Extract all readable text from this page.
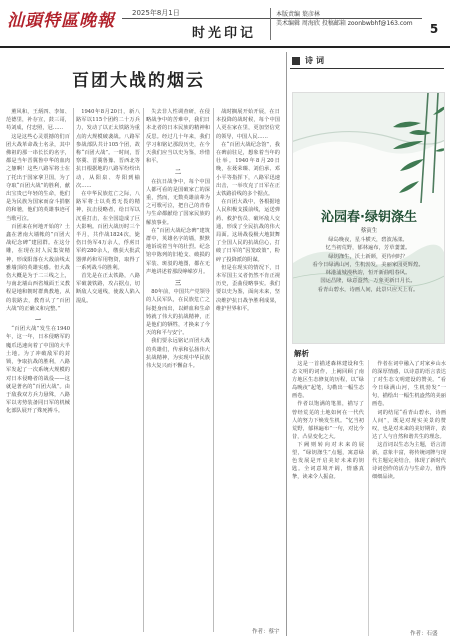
汕頭特區晚報 2025年8月1日
时光印记
本版责编 葉彦林
美术编辑 周海欣 投稿邮箱 zoonbwbhf@163.com	5
百团大战的烟云

薰风和，王炳四、李如、范德里，补存宣，鼓三哥，苟刘成，付忠照，冠……

这是这些心灵震撼的们百团大战革命战士名录，其中佛祖的那一串长长的名字，都是当年晋冀鲁中华的血肉之躯啊！这些八路军将士在了托出于国家拿卫国，为了夺取“百团大战”的胜利，献出宝贵已年轻的生命，他们是为民族为国家而奋斗捐躯的和驰，他们的英雄事迹可当歌可泣。

百团来在何地开始的？土鑫在著南大墙帐的”百团大战纪念碑“建园群。在这分雕，在现在封人民集资精神，形成阳落在大敌前线太雅墙顶的英雄实感。但大战伤大概是为于二三线之上，与南北墙山西省城面王义教程是地和朝时群典教地，从的装路去，教育认了”百团大战”的正确义和完整。”

一

“百团大战”发生在1940年，这一年，日本侵略军的魔爪迅速向着了中国的大半土地。为了冲破敌军的封锁，争取抗战的胜利，八路军发起了一次系统大规模的对日本侵略者的战役——这就是著名的“百团大战”。由于敌我双方兵力悬殊，八路军以劣势装备同日军的机械化部队展开了殊死搏斗。

1940年8月20日，新八路军以115个团约二十万兵力，发动了以正太铁路为重点的大规模破袭战。八路军参战部队共计105个团，故称“百团大战”。一时间，晋察冀、晋冀鲁豫、晋西北等抗日根据地的八路军纷纷出动，从阳泉、寿阳到榆次……

在中华民族危亡之际，八路军将士以英勇无畏的精神，抗击侵略者，给日军以沉重打击，在全国造成了巨大影响。百团大战历时三个半月，共作战1824次，毙伤日伪军4万余人，俘虏日军约280余人，缴获大批武器弹药和军用物资，取得了一系列战斗的胜利。

首先是在正太铁路，八路军破袭铁路，攻占据点，切断敌人交通线，使敌人陷入混乱。

失去非人性调查研，在侵略战争中的苦难中，我们日本北者的日本民族的精神和反思。经过几十年来，我们学习和铭记那段历史，在今天我们应当以史为鉴，珍惜和平。

二

在抗日战争中，每个中国人都可看的是国破家亡的深重，然而，无数英雄前辈为之可歌可泣，把自己的青春与生命都献给了国家民族的解放事业。

在“百团大战纪念碑”建筑群中，英雄名字的墙，默默地诉说着当年的壮烈。纪念馆中陈列的旧枪支、破损的军装、斑驳的地图，都在无声地讲述着那段峥嵘岁月。

三

80年前，中国共产党领导的人民军队，在民族危亡之际挺身而出，以鲜血和生命铸就了伟大的抗战精神，正是他们的牺牲，才换来了今天的和平与安宁。

我们要永远铭记百团大战的英雄们，传承和弘扬伟大抗战精神，为实现中华民族伟大复兴而不懈奋斗。

战时搁展开始开展，在日本投降的战时候，每个中国人更在家在里，更加坚信党的领导，中国人民……

在“百团大战纪念馆”，我在碑前驻足，想象着当年的壮举。1940年8月20日晚，在聂荣臻、刘伯承、邓小平等指挥下，八路军迅速出击，一举攻克了日军在正太铁路沿线的多个据点。

在百团大战中，各根据地人民积极支援前线，运送弹药、救护伤员、破坏敌人交通，形成了全民抗战的伟大局面。这场战役极大地鼓舞了全国人民的抗战信心，打破了日军的“囚笼政策”，粉碎了投降派的阴谋。

但是在现实的情况下，日本军国主义者仍然不肯正视历史，歪曲侵略事实。我们要以史为鉴，面向未来，坚决维护抗日战争胜利成果，维护世界和平。

作者：蔡宇
诗词
沁园春·绿钥涤生
蔡寅生
绿岛晚夜，星斗横天，碧波荡漾。
忆当初荒野，郁林遍布，芳草萋萋。
绿钥涤生，沃土新颜，更待何时？
看今日绿满山河，生机勃发，美丽家园更辉煌。
林港浦城漫秋韵，恒开新曲唱春风。
国运昌隆，绿意盎然，万象更新日月长。
看青山碧水，诗画人间，此景只应天上有。
解析

这是一首描述森林建设和生态文明的词作，上阙回顾了南方地区生态修复的历程，以“绿岛晚夜”起笔，勾勒出一幅生态画卷。

作者以饱满的笔墨，描写了曾经荒芜的土地如何在一代代人的努力下焕发生机。“忆当初荒野，郁林遍布”一句，对比今昔，凸显变化之大。

下阙则转向对未来的展望，“绿钥涤生”点题，寓意绿色发展是开启美好未来的钥匙。全词意境开阔，情感真挚，读来令人振奋。

作者在词中融入了对家乡山水的深厚情感，以诗意的语言表达了对生态文明建设的赞美。“看今日绿满山河，生机勃发”一句，描绘出一幅生机盎然的美丽画卷。

词的结尾“看青山碧水，诗画人间”，既是对现实美景的赞叹，也是对未来的美好期许，表达了人与自然和谐共生的理念。

这首词以生态为主题，语言清新，意象丰富，将传统词牌与现代主题完美结合，体现了新时代诗词创作的活力与生命力，值得细细品读。

作者：石盛
